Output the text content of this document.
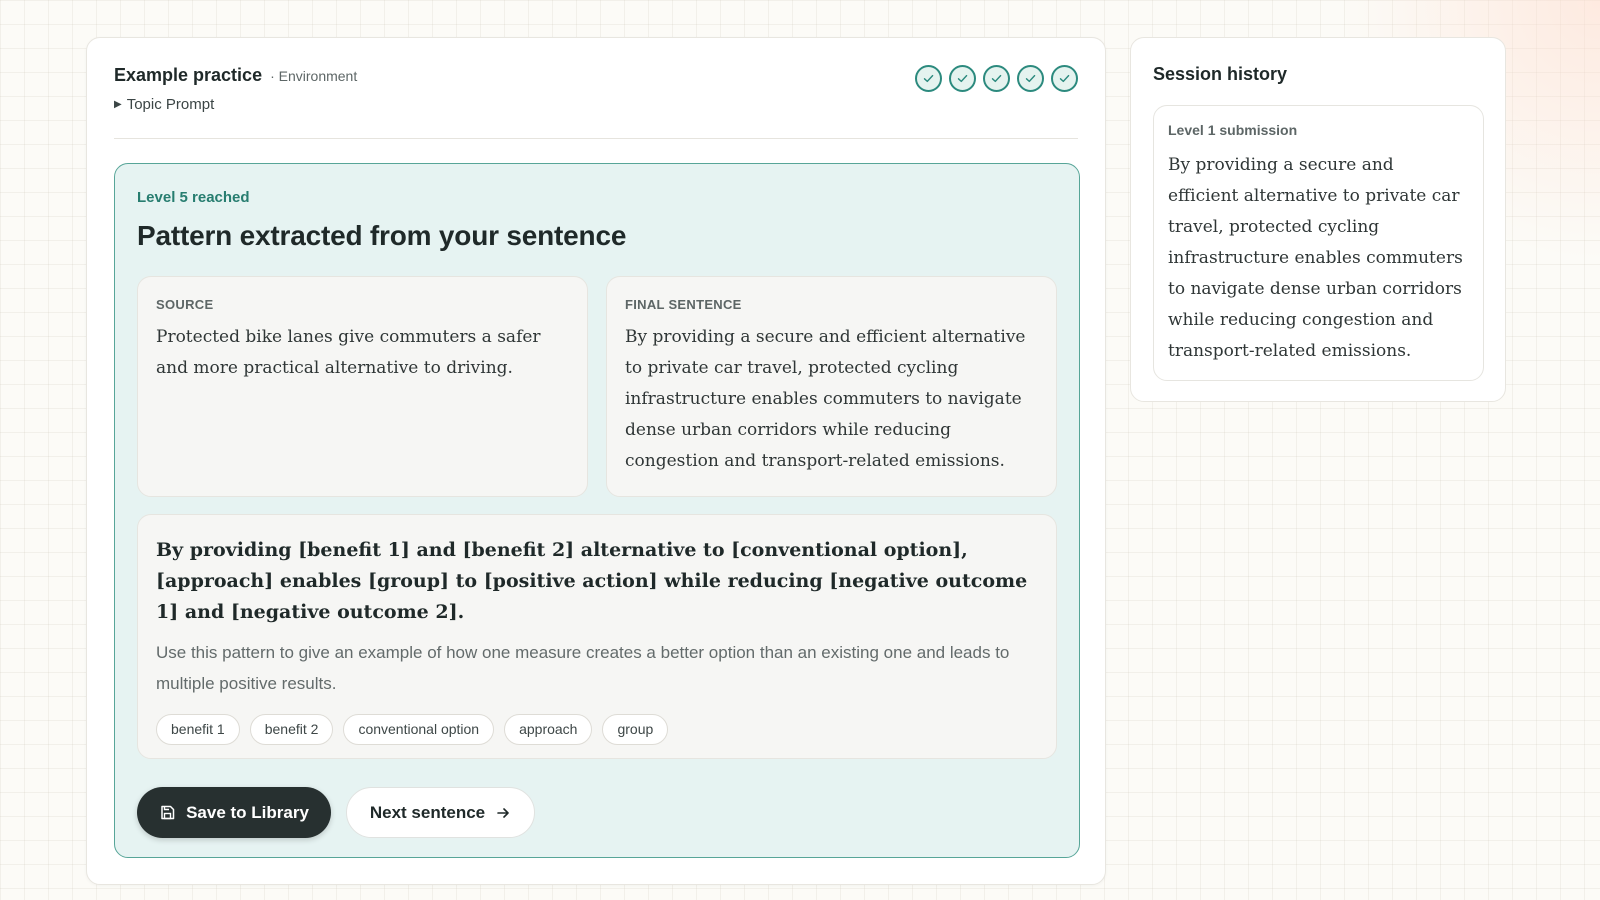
Example practice · Environment
▶ Topic Prompt
Level 5 reached
Pattern extracted from your sentence
SOURCE
Protected bike lanes give commuters a safer and more practical alternative to driving.
FINAL SENTENCE
By providing a secure and efficient alternative to private car travel, protected cycling infrastructure enables commuters to navigate dense urban corridors while reducing congestion and transport-related emissions.
By providing [benefit 1] and [benefit 2] alternative to [conventional option], [approach] enables [group] to [positive action] while reducing [negative outcome 1] and [negative outcome 2].
Use this pattern to give an example of how one measure creates a better option than an existing one and leads to multiple positive results.
benefit 1	benefit 2	conventional option	approach	group
Save to Library	Next sentence
Session history
Level 1 submission
By providing a secure and efficient alternative to private car travel, protected cycling infrastructure enables commuters to navigate dense urban corridors while reducing congestion and transport-related emissions.
